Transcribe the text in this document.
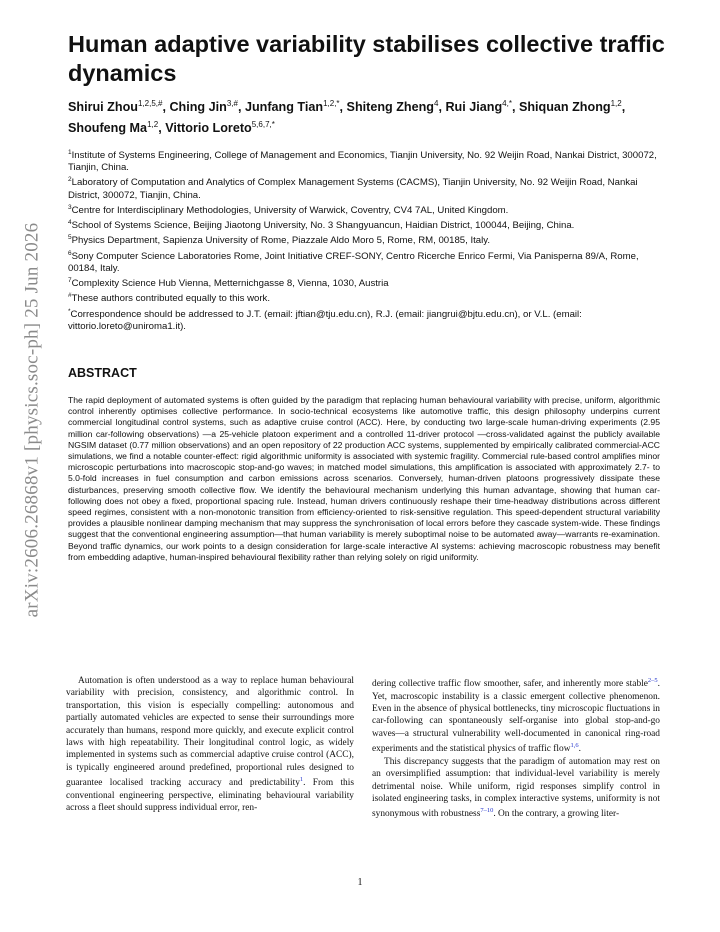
arXiv:2606.26868v1 [physics.soc-ph] 25 Jun 2026
Human adaptive variability stabilises collective traffic dynamics

Shirui Zhou$^{1,2,5,\#}$, Ching Jin$^{3,\#}$, Junfang Tian$^{1,2,*}$, Shiteng Zheng$^4$, Rui Jiang$^{4,*}$, Shiquan Zhong$^{1,2}$, Shoufeng Ma$^{1,2}$, Vittorio Loreto$^{5,6,7,*}$

$^1$Institute of Systems Engineering, College of Management and Economics, Tianjin University, No. 92 Weijin Road, Nankai District, 300072, Tianjin, China.

$^2$Laboratory of Computation and Analytics of Complex Management Systems (CACMS), Tianjin University, No. 92 Weijin Road, Nankai District, 300072, Tianjin, China.

$^3$Centre for Interdisciplinary Methodologies, University of Warwick, Coventry, CV4 7AL, United Kingdom.

$^4$School of Systems Science, Beijing Jiaotong University, No. 3 Shangyuancun, Haidian District, 100044, Beijing, China.

$^5$Physics Department, Sapienza University of Rome, Piazzale Aldo Moro 5, Rome, RM, 00185, Italy.

$^6$Sony Computer Science Laboratories Rome, Joint Initiative CREF-SONY, Centro Ricerche Enrico Fermi, Via Panisperna 89/A, Rome, 00184, Italy.

$^7$Complexity Science Hub Vienna, Metternichgasse 8, Vienna, 1030, Austria

#These authors contributed equally to this work.

*Correspondence should be addressed to J.T. (email: jftian@tju.edu.cn), R.J. (email: jiangrui@bjtu.edu.cn), or V.L. (email: vittorio.loreto@uniroma1.it).

ABSTRACT

The rapid deployment of automated systems is often guided by the paradigm that replacing human behavioural variability with precise, uniform, algorithmic control inherently optimises collective performance. In socio-technical ecosystems like automotive traffic, this design philosophy underpins current commercial longitudinal control systems, such as adaptive cruise control (ACC). Here, by conducting two large-scale human-driving experiments (2.95 million car-following observations) —a 25-vehicle platoon experiment and a controlled 11-driver protocol —cross-validated against the publicly available NGSIM dataset (0.77 million observations) and an open repository of 22 production ACC systems, supplemented by empirically calibrated commercial-ACC simulations, we find a notable counter-effect: rigid algorithmic uniformity is associated with systemic fragility. Commercial rule-based control amplifies minor microscopic perturbations into macroscopic stop-and-go waves; in matched model simulations, this amplification is associated with approximately 2.7- to 5.0-fold increases in fuel consumption and carbon emissions across scenarios. Conversely, human-driven platoons progressively dissipate these disturbances, preserving smooth collective flow. We identify the behavioural mechanism underlying this human advantage, showing that human car-following does not obey a fixed, proportional spacing rule. Instead, human drivers continuously reshape their time-headway distributions across different speed regimes, consistent with a non-monotonic transition from efficiency-oriented to risk-sensitive regulation. This speed-dependent structural variability provides a plausible nonlinear damping mechanism that may suppress the synchronisation of local errors before they cascade system-wide. These findings suggest that the conventional engineering assumption—that human variability is merely suboptimal noise to be automated away—warrants re-examination. Beyond traffic dynamics, our work points to a design consideration for large-scale interactive AI systems: achieving macroscopic robustness may benefit from embedding adaptive, human-inspired behavioural flexibility rather than relying solely on rigid uniformity.

Automation is often understood as a way to replace human behavioural variability with precision, consistency, and algorithmic control. In transportation, this vision is especially compelling: autonomous and partially automated vehicles are expected to sense their surroundings more accurately than humans, respond more quickly, and execute explicit control laws with high repeatability. Their longitudinal control logic, as widely implemented in systems such as commercial adaptive cruise control (ACC), is typically engineered around predefined, proportional rules designed to guarantee localised tracking accuracy and predictability$^1$. From this conventional engineering perspective, eliminating behavioural variability across a fleet should suppress individual error, ren-

dering collective traffic flow smoother, safer, and inherently more stable$^{2-5}$. Yet, macroscopic instability is a classic emergent collective phenomenon. Even in the absence of physical bottlenecks, tiny microscopic fluctuations in car-following can spontaneously self-organise into global stop-and-go waves—a structural vulnerability well-documented in canonical ring-road experiments and the statistical physics of traffic flow$^{1,6}$.

This discrepancy suggests that the paradigm of automation may rest on an oversimplified assumption: that individual-level variability is merely detrimental noise. While uniform, rigid responses simplify control in isolated engineering tasks, in complex interactive systems, uniformity is not synonymous with robustness$^{7-10}$. On the contrary, a growing liter-

1
